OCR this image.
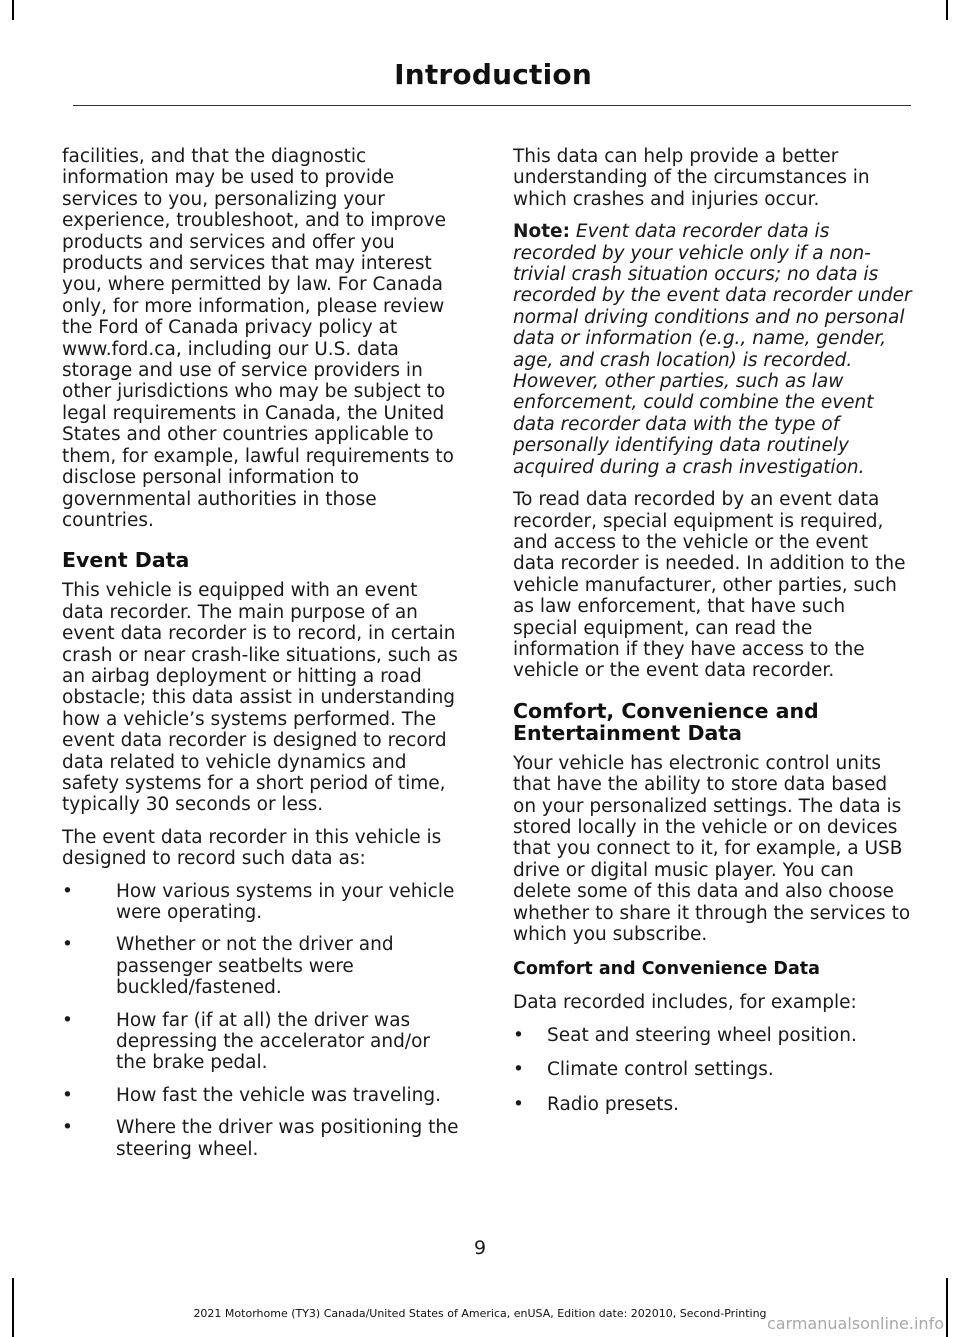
Introduction

facilities, and that the diagnostic information may be used to provide services to you, personalizing your experience, troubleshoot, and to improve products and services and offer you products and services that may interest you, where permitted by law. For Canada only, for more information, please review the Ford of Canada privacy policy at www.ford.ca, including our U.S. data storage and use of service providers in other jurisdictions who may be subject to legal requirements in Canada, the United States and other countries applicable to them, for example, lawful requirements to disclose personal information to governmental authorities in those countries.

Event Data

This vehicle is equipped with an event data recorder. The main purpose of an event data recorder is to record, in certain crash or near crash-like situations, such as an airbag deployment or hitting a road obstacle; this data assist in understanding how a vehicle’s systems performed. The event data recorder is designed to record data related to vehicle dynamics and safety systems for a short period of time, typically 30 seconds or less.

The event data recorder in this vehicle is designed to record such data as:

• How various systems in your vehicle were operating.
• Whether or not the driver and passenger seatbelts were buckled/fastened.
• How far (if at all) the driver was depressing the accelerator and/or the brake pedal.
• How fast the vehicle was traveling.
• Where the driver was positioning the steering wheel.

This data can help provide a better understanding of the circumstances in which crashes and injuries occur.

Note: Event data recorder data is recorded by your vehicle only if a non-trivial crash situation occurs; no data is recorded by the event data recorder under normal driving conditions and no personal data or information (e.g., name, gender, age, and crash location) is recorded. However, other parties, such as law enforcement, could combine the event data recorder data with the type of personally identifying data routinely acquired during a crash investigation.

To read data recorded by an event data recorder, special equipment is required, and access to the vehicle or the event data recorder is needed. In addition to the vehicle manufacturer, other parties, such as law enforcement, that have such special equipment, can read the information if they have access to the vehicle or the event data recorder.

Comfort, Convenience and Entertainment Data

Your vehicle has electronic control units that have the ability to store data based on your personalized settings. The data is stored locally in the vehicle or on devices that you connect to it, for example, a USB drive or digital music player. You can delete some of this data and also choose whether to share it through the services to which you subscribe.

Comfort and Convenience Data

Data recorded includes, for example:

• Seat and steering wheel position.
• Climate control settings.
• Radio presets.
9
2021 Motorhome (TY3) Canada/United States of America, enUSA, Edition date: 202010, Second-Printing
carmanualsonline.info
